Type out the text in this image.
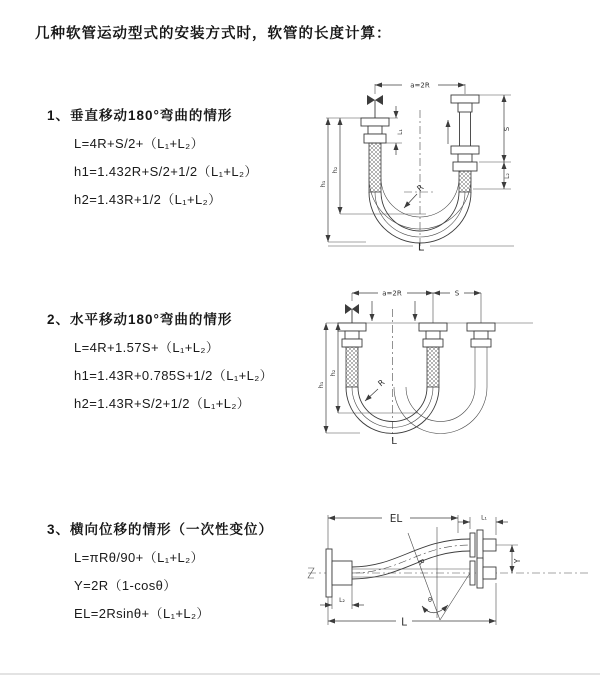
几种软管运动型式的安装方式时，软管的长度计算：
1、垂直移动180°弯曲的情形
L=4R+S/2+（L₁+L₂）
h1=1.432R+S/2+1/2（L₁+L₂）
h2=1.43R+1/2（L₁+L₂）
2、水平移动180°弯曲的情形
L=4R+1.57S+（L₁+L₂）
h1=1.43R+0.785S+1/2（L₁+L₂）
h2=1.43R+S/2+1/2（L₁+L₂）
3、横向位移的情形（一次性变位）
L=πRθ/90+（L₁+L₂）
Y=2R（1-cosθ）
EL=2Rsinθ+（L₁+L₂）
a=2R
S
L₂
h₁
h₂
L₁
R
L
a=2R	S
h₁
h₂
R
L
EL	L₁
Y
R
θ
L₂
L
